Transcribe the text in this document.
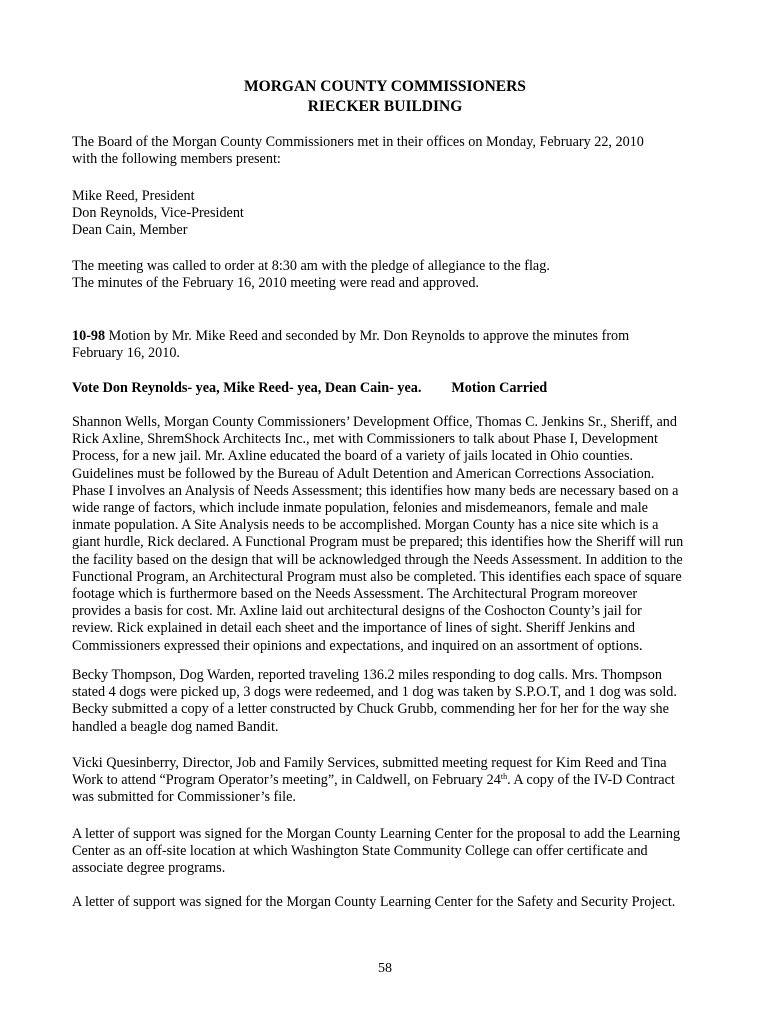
MORGAN COUNTY COMMISSIONERS
RIECKER BUILDING
The Board of the Morgan County Commissioners met in their offices on Monday, February 22, 2010
with the following members present:
Mike Reed, President
Don Reynolds, Vice-President
Dean Cain, Member
The meeting was called to order at 8:30 am with the pledge of allegiance to the flag.
The minutes of the February 16, 2010 meeting were read and approved.
10-98 Motion by Mr. Mike Reed and seconded by Mr. Don Reynolds to approve the minutes from
February 16, 2010.
Vote Don Reynolds- yea, Mike Reed- yea, Dean Cain- yea. Motion Carried
Shannon Wells, Morgan County Commissioners’ Development Office, Thomas C. Jenkins Sr., Sheriff, and
Rick Axline, ShremShock Architects Inc., met with Commissioners to talk about Phase I, Development
Process, for a new jail. Mr. Axline educated the board of a variety of jails located in Ohio counties.
Guidelines must be followed by the Bureau of Adult Detention and American Corrections Association.
Phase I involves an Analysis of Needs Assessment; this identifies how many beds are necessary based on a
wide range of factors, which include inmate population, felonies and misdemeanors, female and male
inmate population. A Site Analysis needs to be accomplished. Morgan County has a nice site which is a
giant hurdle, Rick declared. A Functional Program must be prepared; this identifies how the Sheriff will run
the facility based on the design that will be acknowledged through the Needs Assessment. In addition to the
Functional Program, an Architectural Program must also be completed. This identifies each space of square
footage which is furthermore based on the Needs Assessment. The Architectural Program moreover
provides a basis for cost. Mr. Axline laid out architectural designs of the Coshocton County’s jail for
review. Rick explained in detail each sheet and the importance of lines of sight. Sheriff Jenkins and
Commissioners expressed their opinions and expectations, and inquired on an assortment of options.
Becky Thompson, Dog Warden, reported traveling 136.2 miles responding to dog calls. Mrs. Thompson
stated 4 dogs were picked up, 3 dogs were redeemed, and 1 dog was taken by S.P.O.T, and 1 dog was sold.
Becky submitted a copy of a letter constructed by Chuck Grubb, commending her for her for the way she
handled a beagle dog named Bandit.
Vicki Quesinberry, Director, Job and Family Services, submitted meeting request for Kim Reed and Tina
Work to attend “Program Operator’s meeting”, in Caldwell, on February 24th. A copy of the IV-D Contract
was submitted for Commissioner’s file.
A letter of support was signed for the Morgan County Learning Center for the proposal to add the Learning
Center as an off-site location at which Washington State Community College can offer certificate and
associate degree programs.
A letter of support was signed for the Morgan County Learning Center for the Safety and Security Project.
58
